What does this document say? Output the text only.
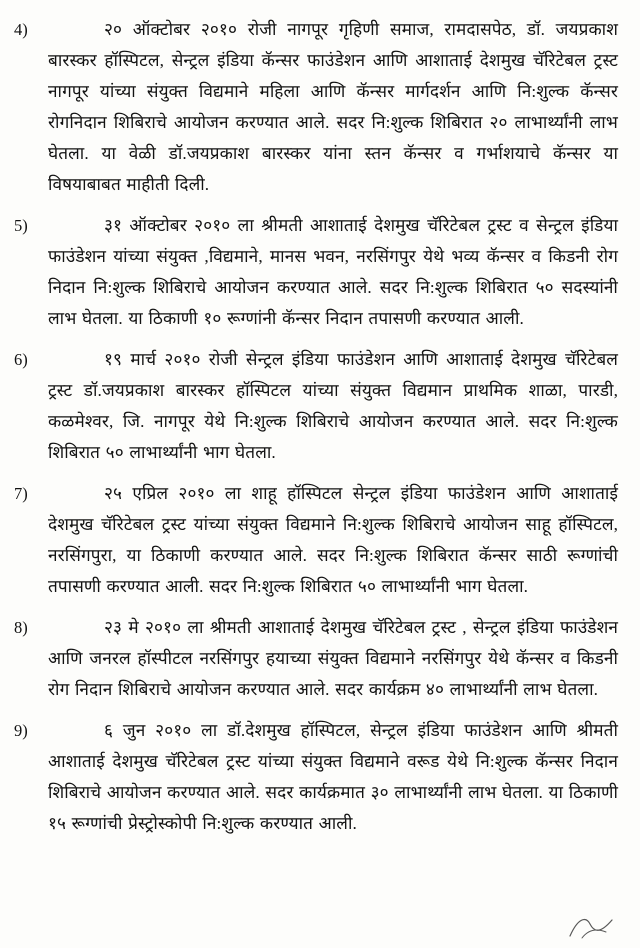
4)	२० ऑक्टोबर २०१० रोजी नागपूर गृहिणी समाज, रामदासपेठ, डॉ. जयप्रकाश बारस्कर हॉस्पिटल, सेन्ट्रल इंडिया कॅन्सर फाउंडेशन आणि आशाताई देशमुख चॅरिटेबल ट्रस्ट नागपूर यांच्या संयुक्त विद्यमाने महिला आणि कॅन्सर मार्गदर्शन आणि नि:शुल्क कॅन्सर रोगनिदान शिबिराचे आयोजन करण्यात आले. सदर नि:शुल्क शिबिरात २० लाभार्थ्यांनी लाभ घेतला. या वेळी डॉ.जयप्रकाश बारस्कर यांना स्तन कॅन्सर व गर्भाशयाचे कॅन्सर या विषयाबाबत माहीती दिली.
5)	३१ ऑक्टोबर २०१० ला श्रीमती आशाताई देशमुख चॅरिटेबल ट्रस्ट व सेन्ट्रल इंडिया फाउंडेशन यांच्या संयुक्त ,विद्यमाने, मानस भवन, नरसिंगपुर येथे भव्य कॅन्सर व किडनी रोग निदान नि:शुल्क शिबिराचे आयोजन करण्यात आले. सदर नि:शुल्क शिबिरात ५० सदस्यांनी लाभ घेतला. या ठिकाणी १० रूग्णांनी कॅन्सर निदान तपासणी करण्यात आली.
6)	१९ मार्च २०१० रोजी सेन्ट्रल इंडिया फाउंडेशन आणि आशाताई देशमुख चॅरिटेबल ट्रस्ट डॉ.जयप्रकाश बारस्कर हॉस्पिटल यांच्या संयुक्त विद्यमान प्राथमिक शाळा, पारडी, कळमेश्वर, जि. नागपूर येथे नि:शुल्क शिबिराचे आयोजन करण्यात आले. सदर नि:शुल्क शिबिरात ५० लाभार्थ्यांनी भाग घेतला.
7)	२५ एप्रिल २०१० ला शाहू हॉस्पिटल सेन्ट्रल इंडिया फाउंडेशन आणि आशाताई देशमुख चॅरिटेबल ट्रस्ट यांच्या संयुक्त विद्यमाने नि:शुल्क शिबिराचे आयोजन साहू हॉस्पिटल, नरसिंगपुरा, या ठिकाणी करण्यात आले. सदर नि:शुल्क शिबिरात कॅन्सर साठी रूग्णांची तपासणी करण्यात आली. सदर नि:शुल्क शिबिरात ५० लाभार्थ्यांनी भाग घेतला.
8)	२३ मे २०१० ला श्रीमती आशाताई देशमुख चॅरिटेबल ट्रस्ट , सेन्ट्रल इंडिया फाउंडेशन आणि जनरल हॉस्पीटल नरसिंगपुर हयाच्या संयुक्त विद्यमाने नरसिंगपुर येथे कॅन्सर व किडनी रोग निदान शिबिराचे आयोजन करण्यात आले. सदर कार्यक्रम ४० लाभार्थ्यांनी लाभ घेतला.
9)	६ जुन २०१० ला डॉ.देशमुख हॉस्पिटल, सेन्ट्रल इंडिया फाउंडेशन आणि श्रीमती आशाताई देशमुख चॅरिटेबल ट्रस्ट यांच्या संयुक्त विद्यमाने वरूड येथे नि:शुल्क कॅन्सर निदान शिबिराचे आयोजन करण्यात आले. सदर कार्यक्रमात ३० लाभार्थ्यांनी लाभ घेतला. या ठिकाणी १५ रूग्णांची प्रेस्ट्रोस्कोपी नि:शुल्क करण्यात आली.
